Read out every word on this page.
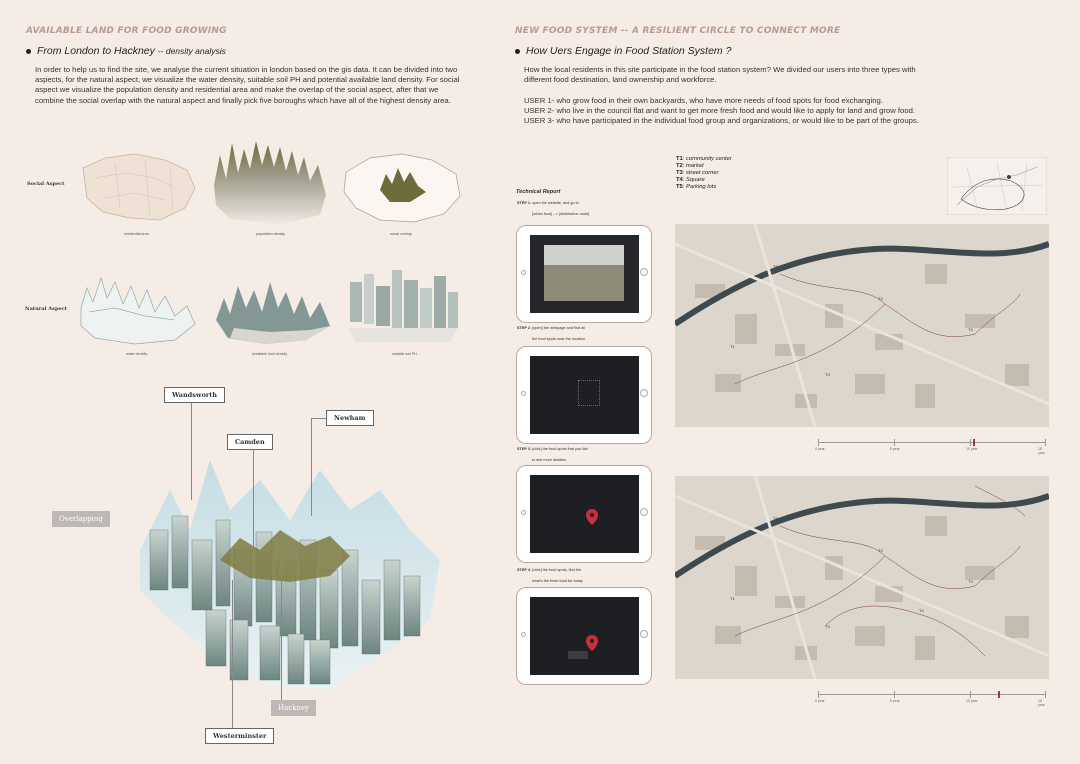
AVAILABLE LAND FOR FOOD GROWING
From London to Hackney -- density analysis
In order to help us to find the site, we analyse the current situation in london based on the gis data. It can be divided into two aspects, for the natural aspect, we visualize the water density, suitable soil PH and potential available land density. For social aspect we visualize the population density and residential area and make the overlap of the social aspect, after that we combine the social overlap with the natural aspect and finally pick five boroughs which have all of the highest density area.
Social Aspect
Natural Aspect
residential area	population density	social overlap
water density	availiable land density	suitable soil PH
Wandsworth
Camden
Newham
Overlapping
Hackney
Westerminster
NEW FOOD SYSTEM -- A RESILIENT CIRCLE TO CONNECT MORE
How Uers Engage in Food Station System ?
How the local residents in this site participate in the food station system? We divided our users into three types with different food destination, land ownership and workforce.
USER 1- who grow food in their own backyards, who have more needs of food spots for food exchanging.
USER 2- who live in the council flat and want to get more fresh food and would like to apply for land and grow food.
USER 3- who have participated in the individual food group and organizations, or would like to be part of the groups.
Technical Report
STEP 1: open the website, and go to
[urban food] --> [distribution route]
STEP 2: [open] the webpage and find all
the food spots near the location
STEP 3: [click] the food spots that you like
to see more detailes
STEP 4: [click] the food spots, find the
what's the fresh food for today
T1: community center
T2: market
T3: street corner
T4: Square
T5: Parking lots
T5
T2
T3
T3
T1
0 year	5 year	10 year	15 year
T5
T2
T3
T4
T1
T3
0 year	5 year	10 year	15 year
